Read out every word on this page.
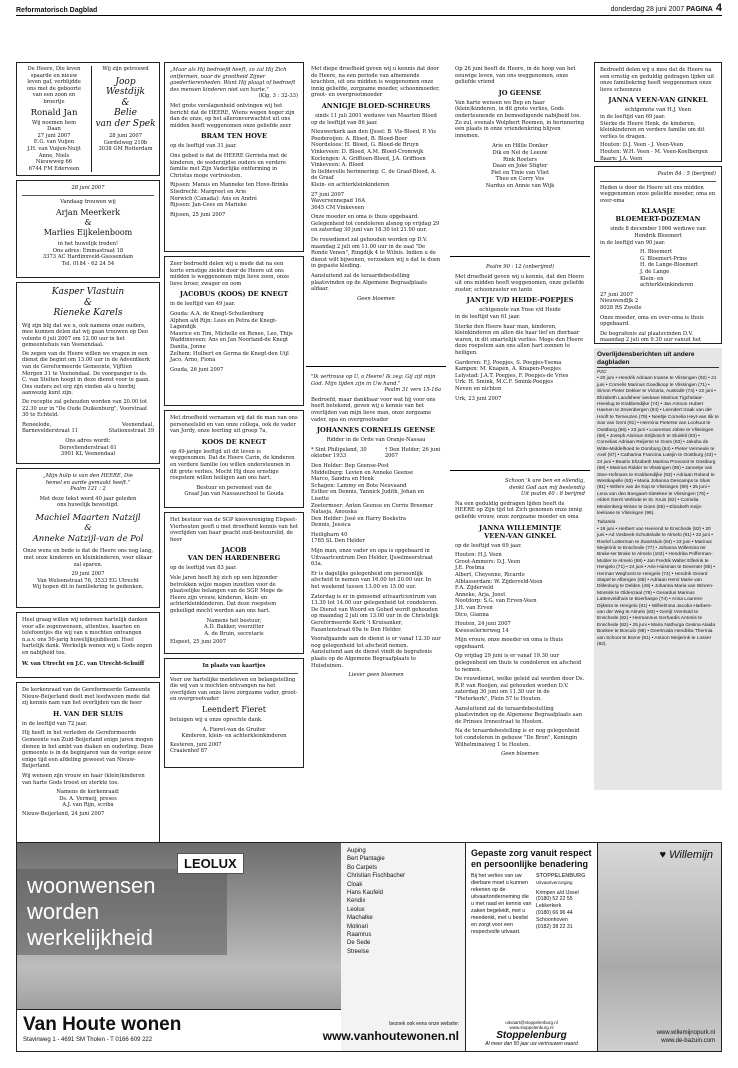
Reformatorisch Dagblad	donderdag 28 juni 2007 PAGINA 4
De Heere, Die leven
spaarde en nieuw
leven gaf, verblijdde
ons met de geboorte
van een zoon en
broertje
Ronald Jan
Wij noemen hem
Daan
27 juni 2007
E.G. van Vuijen
J.H. van Vuijen-Nuijt
Anne, Niels
Nieuwweg 66
6744 FM Ederveen
Wij zijn getrouwd
Joop
Westdijk
&
Belie
van der Spek
28 juni 2007
Gordelweg 210b
3038 GM Rotterdam
28 juni 2007
Vandaag trouwen wij
Arjan Meerkerk
&
Marlies Eijkelenboom
in het huwelijk treden!
Ons adres: Emmastraat 18
3373 AC Hardinxveld-Giessendam
Tel. 0184 - 62 24 54
Kasper Vlastuin
&
Rieneke Karels
Wij zijn blij dat we u, ook namens onze ouders, mee kunnen delen dat wij gaan trouwen op Deo volente 6 juli 2007 om 12.00 uur in het gemeentehuis van Veenendaal.
De zegen van de Heere willen we vragen in een dienst die begint om 13.00 uur in de Adventkerk van de Gereformeerde Gemeente, Vijftien Morgen 31 te Veenendaal. De voorganger is ds. C. van Stelten hoopt in deze dienst voor te gaan. Ons ouders zet erg zijn vinden als u hierbij aanwezig kunt zijn.
De receptie zal gehouden worden van 20.00 tot 22.30 uur in "De Oude Duikenburg", Voorstraat 30 te Echteld.
Reneelode,
Barnevelderstraat 11
Veenendaal,
Stationsstraat 39
Ons adres wordt:
Dorsvlienderstraat 61
3901 KL Veenendaal
„Mijn hulp is van den HEERE, Die
hemel en aarde gemaakt heeft."
Psalm 121 : 2
Met deze tekst werd 40 jaar geleden
ons huwelijk bevestigd.
Machiel Maarten Natzijl
&
Anneke Natzijl-van de Pol
Onze wens en bede is dat de Heere ons nog lang, met onze kinderen en kleinkinderen, voor elkaar zal sparen.
29 juni 2007
Van Welsenstraat 76, 3533 EG Utrecht
Wij hopen dit in familiekring te gedenken.
Heel graag willen wij iedereen hartelijk danken voor alle zegenwensen, attenties, kaarten en telefoontjes die wij van u mochten ontvangen n.a.v. ons 50-jarig huwelijksjubileum. Heel hartelijk dank. Werkelijk wenen wij u Gods zegen en nabijheid toe.
W. van Utrecht en J.C. van Utrecht-Schuiff
De kerkenraad van de Gereformeerde Gemeente Nieuw-Beijerland deelt met leedwezen mede dat zij kennis nam van het overlijden van de heer
H. VAN DER SLUIS
in de leeftijd van 72 jaar.
Hij heeft in het verleden de Gereformeerde Gemeente van Zuid-Beijerland enige jaren mogen dienen in het ambt van diaken en ouderling. Deze gemeente is in de beginjaren van de vorige eeuw enige tijd een afdeling geweest van Nieuw-Beijerland.
Wij wensen zijn vrouw en haar (klein)kinderen van harte Gods troost en sterkte toe.
Namens de kerkenraad:
Ds. A. Vermeij, preses
A.J. van Rijn, scriba
Nieuw-Beijerland, 24 juni 2007
„Maar als Hij bedroefd heeft, zo zal Hij Zich ontfermen, naar de grootheid Zijner goedertierenheden. Want Hij plaagt of bedroeft des mensen kinderen niet van harte."
(Klg. 3 : 32-33)
Met grote verslagenheid ontvingen wij het bericht dat de HEERE, Wiens wegen hoger zijn dan de onze, op het alleronverwachtst uit ons midden heeft weggenomen onze geliefde zeer
BRAM TEN HOVE
op de leeftijd van 31 jaar.
Ons gebed is dat de HEERE Gerrieta met de kinderen, de wederzijdse ouders en verdere familie met Zijn Vaderlijke ontferming in Christus moge vertroosten.
Rijssen: Manus en Manneke ten Hove-Brinks
Sliedrecht: Margreet en Arie
Norwich (Canada): Ans en André
Rijssen: Jan-Cees en Marieke
Rijssen, 25 juni 2007
Zeer bedroefd delen wij u mede dat na een korte ernstige ziekte door de Heere uit ons midden is weggenomen mijn lieve zoon, onze lieve broer, zwager en oom
JACOBUS (KOOS) DE KNEGT
in de leeftijd van 49 jaar.
Gouda: A.A. de Knegt-Schuilenburg
Alphen a/d Rijn: Lees en Petra de Knegt-Lagendijk
Maurice en Tim, Michelle en Renee, Leo, Thijs
Waddinxveen: Ans en Jan Noorland-de Knegt
Danita, Jonne
Zelhem: Hulbert en Germa de Knegt-den Uijl
Jaco, Arno, Fiona
Gouda, 26 juni 2007
Met droefheid vernamen wij dat de man van ons personeelslid en van onze collega, ook de vader van Jordy, onze leerling uit groep 7a,
KOOS DE KNEGT
op 49-jarige leeftijd uit dit leven is weggenomen. Dat de Heere Carin, de kinderen en verdere familie (ou willen ondersteunen in dit grote verlies. Mocht Hij deze ernstige roepstem willen heiligen aan ons hart.
Bestuur en personeel van de
Graaf Jan van Nassauschool te Gouda
Het bestuur van de SGP kiesvereniging Elspeet-Vierhouten geeft u met droefheid kennis van het overlijden van haar geacht oud-bestuurslid, de heer
JACOB
VAN DEN HARDENBERG
op de leeftijd van 83 jaar.
Vele jaren heeft hij zich op een bijzonder betrokken wijze mogen inzetten voor de plaatselijke belangen van de SGP. Moge de Heere zijn vrouw, kinderen, klein- en achterkleinkinderen. Dat deze roepstem geheiligd mocht worden aan ons hart.
Namens het bestuur,
A.D. Bakker, voorzitter
A. de Bruin, secretaris
Elspeet, 25 juni 2007
In plaats van kaartjes
Voor uw hartelijke medeleven en belangstelling die wij van u mochten ontvangen na het overlijden van onze lieve zorgzame vader, groot- en overgrootvader
Leendert Fieret
betuigen wij u onze oprechte dank.
A. Fieret-van de Gruiter
Kinderen, klein- en achterkleinkinderen
Kesteren, juni 2007
Craaienhof 87
Met diepe droefheid geven wij u kennis dat door de Heere, na een periode van afnemende krachten, uit ons midden is weggenomen onze innig geliefde, zorgzame moeder, schoonmoeder, groot- en overgrootmoeder
ANNIGJE BLOED-SCHREURS
sinds 11 juli 2001 weduwe van Maarten Bloed
op de leeftijd van 86 jaar.
Nieuwerkerk aan den IJssel: B. Vis-Bloed, P. Vis
Poederoijen: A. Bloed, B. Bloed-Boer
Noordeloos: H. Bloed, G. Bloed-de Bruyn
Vinkeveen: D. Bloed, A.M. Bloed-Cromwijk
Koclengen: A. Griffioen-Bloed, J.A. Griffioen
Vinkeveen: A. Bloed
In liefdevolle herinnering: C. de Graaf-Bloed, A. de Graaf
Klein- en achterkleinkinderen
27 juni 2007
Wavervennepad 16A
3645 CM Vinkeveen
Onze moeder en oma is thuis opgebaard. Gelegenheid tot condoleren alsnog op vrijdag 29 en zaterdag 30 juni van 18.30 tot 21.00 uur.
De rouwdienst zal gehouden worden op D.V. maandag 2 juli om 11.00 uur in de zaal "De Ronde Venen", Ringdijk 4 te Wilnis. Indien u de dienst wilt bijwonen, verzoeken wij u dat te doen in gepaste kleding.
Aansluitend zal de teraardebestelling plaatsvinden op de Algemene Begraafplaats aldaar.
Geen bloemen
"Ik vertrouw op U, o Heere! Ik zeg: Gij zijt mijn God. Mijn tijden zijn in Uw hand."
Psalm 31 vers 15-16a
Bedroefd, maar dankbaar voor wat hij voor ons heeft betekend, geven wij u kennis van het overlijden van mijn lieve man, onze zorgzame vader, opa en overgrootvader
JOHANNES CORNELIS GEENSE
Ridder in de Orde van Oranje-Nassau
* Sint Philipsland, 30 oktober 1933
† Den Helder, 26 juni 2007
Den Helder: Bep Geense-Post
Middelburg: Levien en Anneke Geense
Marco, Sandra en Henk
Schagen: Lammy en Bote Neuvaand
Esther en Dennis, Yannick Judith, Johan en Lisette
Zoetermeer: Anton Geense en Corrie Breemer
Natasja, Anouska
Den Helder: José en Harry Boekstra
Dennis, Jessica
Heiligharn 40
1785 SL Den Helder
Mijn man, onze vader en opa is opgebaard in Uitvaartcentrum Den Helder, IJsselmeerstraat 63a.
Er is dagelijks gelegenheid om persoonlijk afscheid te nemen van 16.00 tot 20.00 uur. In het weekend tussen 13.00 en 15.00 uur.
Zaterdag is er in genoemd uitvaartcentrum van 13.30 tot 14.00 uur gelegenheid tot condoleren. De Dienst van Woord en Gebed wordt gehouden op maandag 2 juli om 13.00 uur in de Christelijk Gereformeerde Kerk 't Kruisanker, Fazantenstraat 69a te Den Helder.
Voorafgaande aan de dienst is er vanaf 12.30 uur nog gelegenheid tot afscheid nemen. Aansluitend aan de dienst vindt de begrafenis plaats op de Algemene Begraafplaats te Huisduinen.
Liever geen bloemen
Op 26 juni heeft de Heere, in de hoop van het eeuwige leven, van ons weggenomen, onze geliefde vriend
JO GEENSE
Van harte wensen we Bep en haar (klein)kinderen, in dit grote verlies, Gods onderteunende en bemoedigende nabijheid toe. Zo zul, evenals Wolphert Roemen, in herinnering een plaats in onze vriendenkring blijven innemen.
Arie en Hillie Donker
Dik en Nel de Leeuw
Rink Roeters
Daan en Joke Stigter
Piet en Tinie van Vliet
Theo en Corry Vos
Nardus en Annie van Wijk
Psalm 90 : 12 (onberijmd)
Met droefheid geven wij u kennis, dat den Heere uit ons midden heeft weggenomen, onze geliefde zuster, schoonzuster en tante
JANTJE V/D HEIDE-POEPJES
echtgenote van Ynse v/d Heide
in de leeftijd van 61 jaar.
Sterke den Heere haar man, kinderen, kleinkinderen en allen die haar lief en dierbaar waren, in dit smartelijk verlies. Moge den Heere deze roepstem aan ons allen hart zonnen te heiligen.
Garderen: F.J. Poepjes, S. Poepjes-Ysema
Kampen: M. Knapen, A. Knapen-Poepjes
Lelystad: J.A.T. Poepjes, F. Poepjes-de Vries
Urk: H. Smink, M.C.F. Smink-Poepjes
Neven en nichten
Urk, 23 juni 2007
Schoon 'k ure ben en ellendig,
denkt God aan mij bestendig
Uit psalm 40 : 8 berijmd
Na een geduldig gedragen lijden heeft de HEERE op Zijn tijd tot Zich genomen onze innig geliefde vrouw, onze zorgzame moeder en oma
JANNA WILLEMINTJE
VEEN-VAN GINKEL
op de leeftijd van 69 jaar.
Houten: H.J. Veen
Groot-Ammers: D.J. Veen
J.E. Postma
Albert, Cheyenne, Ricardo
Alblasserdam: W. Zijderveld-Veen
F.A. Zijderveld
Anneke, Arja, Joost
Nootdorp: S.G. van Erven-Veen
J.H. van Erven
Dico, Gianna
Houten, 24 juni 2007
Kweeselerierweg 14
Mijn vrouw, onze moeder en oma is thuis opgebaard.
Op vrijdag 29 juni is er vanaf 19.30 uur gelegenheid om thuis te condoleren en afscheid te nemen.
De rouwdienst, welke geleid zal worden door Ds. R.P. van Rooijen, zal gehouden worden D.V. zaterdag 30 juni om 11.30 uur in de "Pieterkerk", Plein 57 te Houten.
Aansluitend zal de teraardebestelling plaatsvinden op de Algemene Begraafplaats aan de Prinses Irenestraat te Houten.
Na de teraardebestelling is er nog gelegenheid tot condoleren in gebouw "De Bron", Koningin Wilhelminaweg 1 te Houten.
Geen bloemen
Bedroefd delen wij u mee dat de Heere na een ernstig en geduldig gedragen lijden uit onze familiekring heeft weggenomen onze lieve schoonzus
JANNA VEEN-VAN GINKEL
echtgenote van H.J. Veen
in de leeftijd van 69 jaar.
Sterke de Heere Henk, de kinderen, kleinkinderen en verdere familie om dit verlies te dragen.
Houten: D.J. Veen - J. Veen-Veen
Houten: W.H. Veen - M. Veen-Koelbergen
Baarn: J.A. Veen
Psalm 84 : 5 (berijmd)
Heden is door de Heere uit ons midden weggenomen onze geliefde moeder, oma en over-oma
KLAASJE
BLOEMERT-DOZEMAN
sinds 8 december 1966 weduwe van
Hendrik Bloemert
in de leeftijd van 90 jaar.
H. Bloemert
G. Bloemert-Prins
H. de Lange-Bloemert
J. de Lange
Klein- en achterkleinkinderen
27 juni 2007
Nieuwendijk 2
8028 RS Zwolle
Onze moeder, oma en over-oma is thuis opgebaard.
De begrafenis zal plaatsvinden D.V. maandag 2 juli om 9.30 uur vanuit het
Overlijdensberichten uit andere dagbladen
PZC
• 20 juni • Hendrik Adriaan Inanse te Vlissingen (92) • 21 juni • Cornelis Marinus Goedkoop te Vlissingen (71) • Simon Pieter Dekker te Victoria, Australië (74) • 22 juni • Elizabeth Landsheer weduwe Marinus Tigchelaar-Heeslug te Krabbendijke (74) • Jan Antoon Hubert Haenen te Zevenbergen (84) • Leendert Izaak van der Hooft te Terneuzen (79) • Neeltje Cornelia Heyt-van Ilik te Sas van Gent (91) • Hermina Pieterse van Loohuut te Oostburg (86) • 23 juni • Lourentus Jobse te Vlissingen (68) • Joseph Aloisius Strijbosch te Sluiskil (83) • Cornelias Adriaan Reijerse te Goes (83) • Jakoba de Witte-Middelhoed te Domburg (84) • Pieter Vermeule te Axel (87) • Catharina Francina Lutejin te Oostburg (43) • 24 juni • Beatrix Elizabeth Martina Provoost te Oostburg (69) • Marinus Ridder te Vlissingen (86) • Jannetje van Stee-Hofmans te Krabbendijke (93) • Adriaan Roland te Westkapelle (83) • Maria Johanna Descamps te Sluis (81) • Willem van de Kop te Vlissingen (90) • 25 juni • Lena van den Boegaart-Sietekee te Vlissingen (76) • Aldert Gerrit Verlinde te St. Kruis (82) • Cornelia Meulenberg-Wisse te Goes (85) • Elizabeth Keijs-leeloase te Vlissingen (96).
Tubantia
• 19 juni • Herbert van Heerend te Enschede (82) • 20 juni • Ad Vosbeek-Schuttelaile te Almelo (91) • 22 juni • Roelof Lotterman te Zwartsluis (84) • 23 juni • Marinus Meijerink te Enschede (77) • Johanna Willemina ter Brake-ter Brake te Almelo (104) • Hendrika Pofferman-Mulder te Almelo (88) • Jan Fredrik Walter Elferink te Hengelo (71) • 24 juni • Arie Huisman te Deventer (85) • Herman Weghorst te Hengelo (74) • Hendrik Gerard Stapel te Albergen (68) • Adriaan Henri Marie van Dillenburg te Delden (49) • Johanna Maria van Winren-Morsink te Oldenzaal (78) • Gerardus Marinus Lattenveldhuis te Boerhaspe (74) • Anna Lourens-Dijkstra te Hengelo (81) • Wilhelmina Jacoba Harbers-van der Weg te Almelo (83) • Gerrijt Vrenhold te Enschede (82) • Hermannus Gerhardis Antonis te Enschede (82) • 25 juni • Maria Nathurga Gesina Alaida Boekee te Borculo (98) • Geertruida Hendrika Thermia van Schoot te Borne (81) • Antoon Meijerink te Losser (82).
woonwensen
worden
werkelijkheid
Van Houte wonen
Stavinweg 1 - 4691 SM Tholen - T 0166 609 222
LEOLUX
Auping
Bert Plantagie
Bo Carpets
Christian Fischbacher
Cloak
Hans Kaufeld
Kendix
Leolux
Machalke
Molinari
Raamrus
De Sede
Streelse
bezoek ook eens onze website:
www.vanhoutewonen.nl
Gepaste zorg vanuit respect en persoonlijke benadering
Bij het verlies van uw dierbare moet u kunnen rekenen op de uitvaartonderneming die u met raad en kennis van zaken begeleidt, met u meedenkt, met u beslist en zorgt voor een respectvolle uitvaart.
STOPPELENBURG
Uitvaartverzorging
Krimpen a/d IJssel
(0180) 52 22 55
Lekkerkerk
(0180) 66 96 44
Schoonhoven
(0182) 38 22 31
uitvaart@stoppelenburg.nl
www.stoppelenburg.nl
Stoppelenburg
Al meer dan 50 jaar uw vertrouwen waard
♥ Willemijn
www.willemijnopurk.nl
www.de-bazuin.com
